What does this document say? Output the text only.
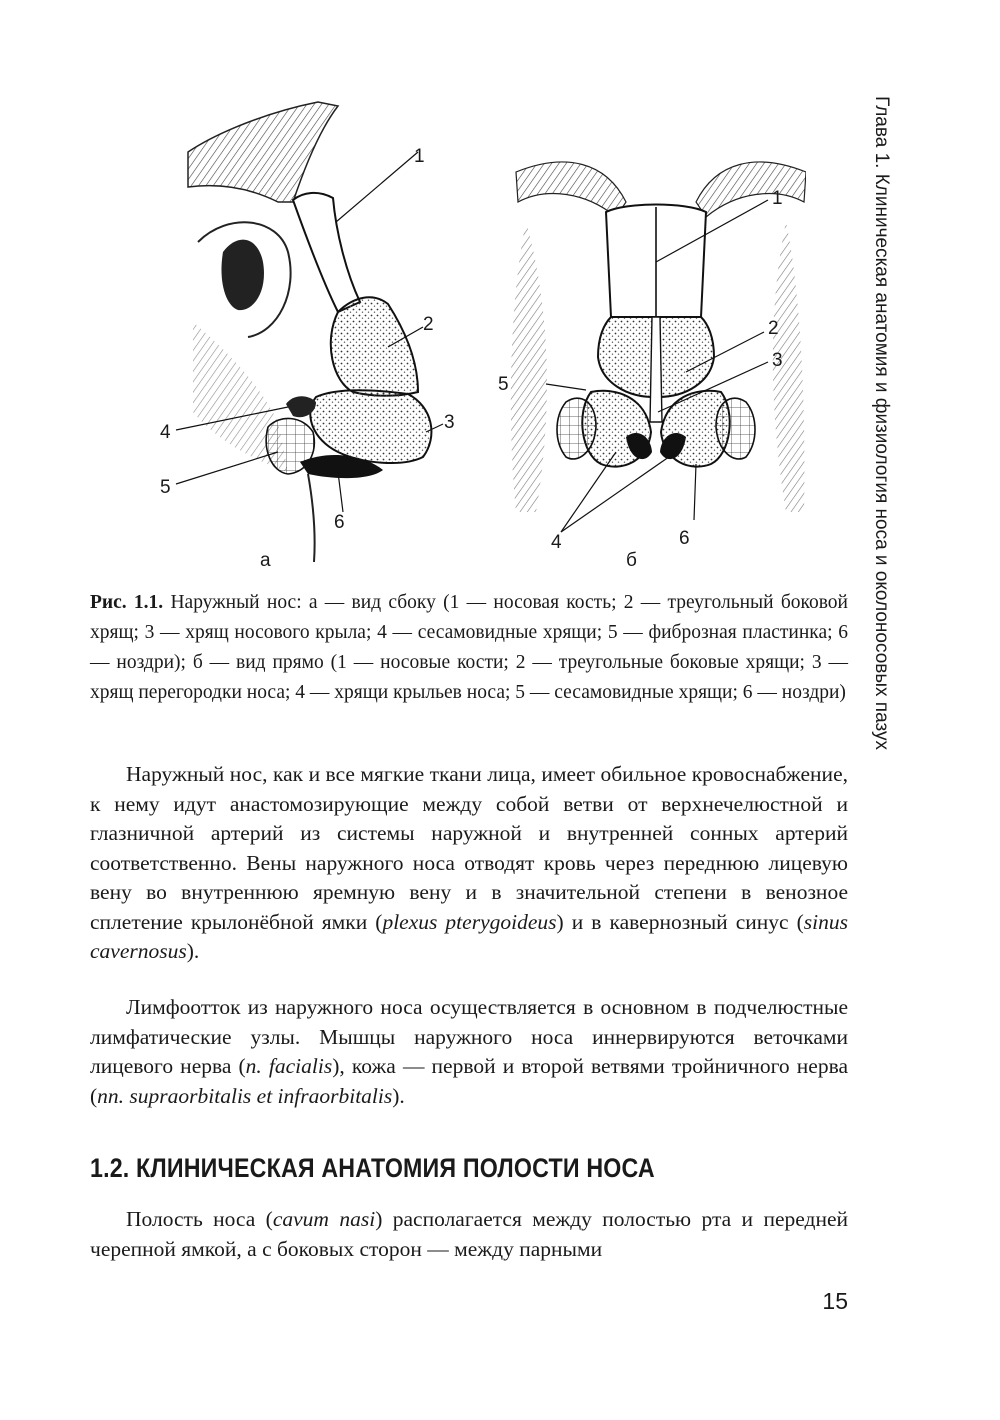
Глава 1. Клиническая анатомия и физиология носа и околоносовых пазух
1
2
3
4
5
6
а
1
2
3
4
5
6
б
Рис. 1.1. Наружный нос: а — вид сбоку (1 — носовая кость; 2 — треугольный боковой хрящ; 3 — хрящ носового крыла; 4 — сесамовидные хрящи; 5 — фиброзная пластинка; 6 — ноздри); б — вид прямо (1 — носовые кости; 2 — треугольные боковые хрящи; 3 — хрящ перегородки носа; 4 — хрящи крыльев носа; 5 — сесамовидные хрящи; 6 — ноздри)
Наружный нос, как и все мягкие ткани лица, имеет обильное кровоснабжение, к нему идут анастомозирующие между собой ветви от верхнечелюстной и глазничной артерий из системы наружной и внутренней сонных артерий соответственно. Вены наружного носа отводят кровь через переднюю лицевую вену во внутреннюю яремную вену и в значительной степени в венозное сплетение крылонёбной ямки (plexus pterygoideus) и в кавернозный синус (sinus cavernosus).
Лимфоотток из наружного носа осуществляется в основном в подчелюстные лимфатические узлы. Мышцы наружного носа иннервируются веточками лицевого нерва (n. facialis), кожа — первой и второй ветвями тройничного нерва (nn. supraorbitalis et infraorbitalis).
1.2. КЛИНИЧЕСКАЯ АНАТОМИЯ ПОЛОСТИ НОСА
Полость носа (cavum nasi) располагается между полостью рта и передней черепной ямкой, а с боковых сторон — между парными
15
